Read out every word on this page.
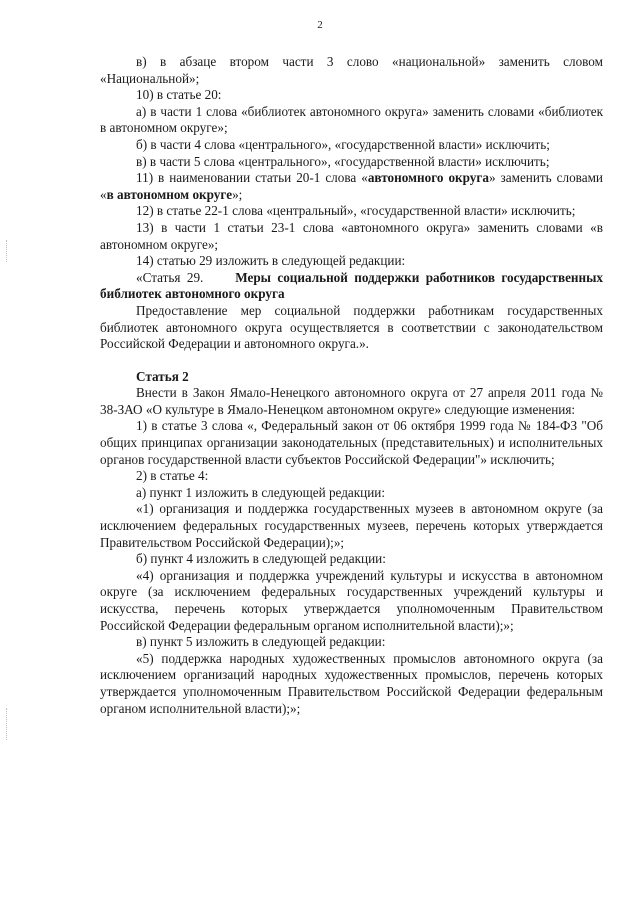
2

в) в абзаце втором части 3 слово «национальной» заменить словом «Национальной»;

10) в статье 20:

а) в части 1 слова «библиотек автономного округа» заменить словами «библиотек в автономном округе»;

б) в части 4 слова «центрального», «государственной власти» исключить;

в) в части 5 слова «центрального», «государственной власти» исключить;

11) в наименовании статьи 20-1 слова «автономного округа» заменить словами «в автономном округе»;

12) в статье 22-1 слова «центральный», «государственной власти» исключить;

13) в части 1 статьи 23-1 слова «автономного округа» заменить словами «в автономном округе»;

14) статью 29 изложить в следующей редакции:

«Статья 29. Меры социальной поддержки работников государственных библиотек автономного округа

Предоставление мер социальной поддержки работникам государственных библиотек автономного округа осуществляется в соответствии с законодательством Российской Федерации и автономного округа.».

Статья 2

Внести в Закон Ямало-Ненецкого автономного округа от 27 апреля 2011 года № 38-ЗАО «О культуре в Ямало-Ненецком автономном округе» следующие изменения:

1) в статье 3 слова «, Федеральный закон от 06 октября 1999 года № 184-ФЗ "Об общих принципах организации законодательных (представительных) и исполнительных органов государственной власти субъектов Российской Федерации"» исключить;

2) в статье 4:

а) пункт 1 изложить в следующей редакции:

«1) организация и поддержка государственных музеев в автономном округе (за исключением федеральных государственных музеев, перечень которых утверждается Правительством Российской Федерации);»;

б) пункт 4 изложить в следующей редакции:

«4) организация и поддержка учреждений культуры и искусства в автономном округе (за исключением федеральных государственных учреждений культуры и искусства, перечень которых утверждается уполномоченным Правительством Российской Федерации федеральным органом исполнительной власти);»;

в) пункт 5 изложить в следующей редакции:

«5) поддержка народных художественных промыслов автономного округа (за исключением организаций народных художественных промыслов, перечень которых утверждается уполномоченным Правительством Российской Федерации федеральным органом исполнительной власти);»;
